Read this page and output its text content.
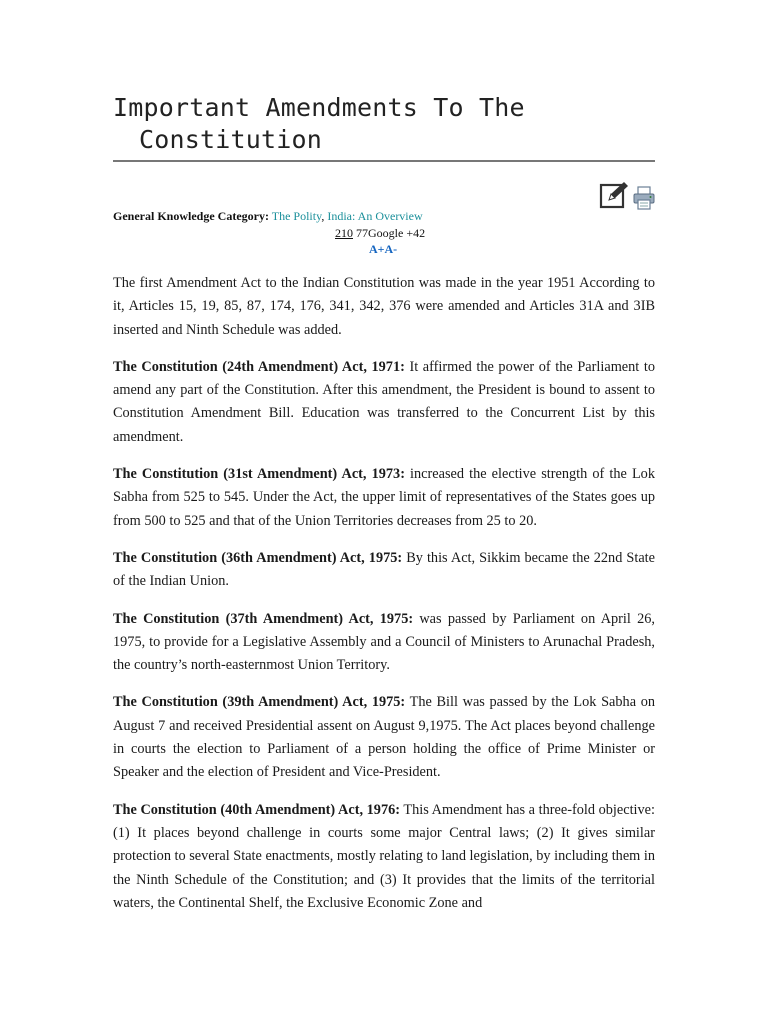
Important Amendments To The
Constitution
General Knowledge Category: The Polity, India: An Overview
210 77Google +42
A+A-

The first Amendment Act to the Indian Constitution was made in the year 1951 According to it, Articles 15, 19, 85, 87, 174, 176, 341, 342, 376 were amended and Articles 31A and 3IB inserted and Ninth Schedule was added.

The Constitution (24th Amendment) Act, 1971: It affirmed the power of the Parliament to amend any part of the Constitution. After this amendment, the President is bound to assent to Constitution Amendment Bill. Education was transferred to the Concurrent List by this amendment.

The Constitution (31st Amendment) Act, 1973: increased the elective strength of the Lok Sabha from 525 to 545. Under the Act, the upper limit of representatives of the States goes up from 500 to 525 and that of the Union Territories decreases from 25 to 20.

The Constitution (36th Amendment) Act, 1975: By this Act, Sikkim became the 22nd State of the Indian Union.

The Constitution (37th Amendment) Act, 1975: was passed by Parliament on April 26, 1975, to provide for a Legislative Assembly and a Council of Ministers to Arunachal Pradesh, the country’s north-easternmost Union Territory.

The Constitution (39th Amendment) Act, 1975: The Bill was passed by the Lok Sabha on August 7 and received Presidential assent on August 9,1975. The Act places beyond challenge in courts the election to Parliament of a person holding the office of Prime Minister or Speaker and the election of President and Vice-President.

The Constitution (40th Amendment) Act, 1976: This Amendment has a three-fold objective: (1) It places beyond challenge in courts some major Central laws; (2) It gives similar protection to several State enactments, mostly relating to land legislation, by including them in the Ninth Schedule of the Constitution; and (3) It provides that the limits of the territorial waters, the Continental Shelf, the Exclusive Economic Zone and
